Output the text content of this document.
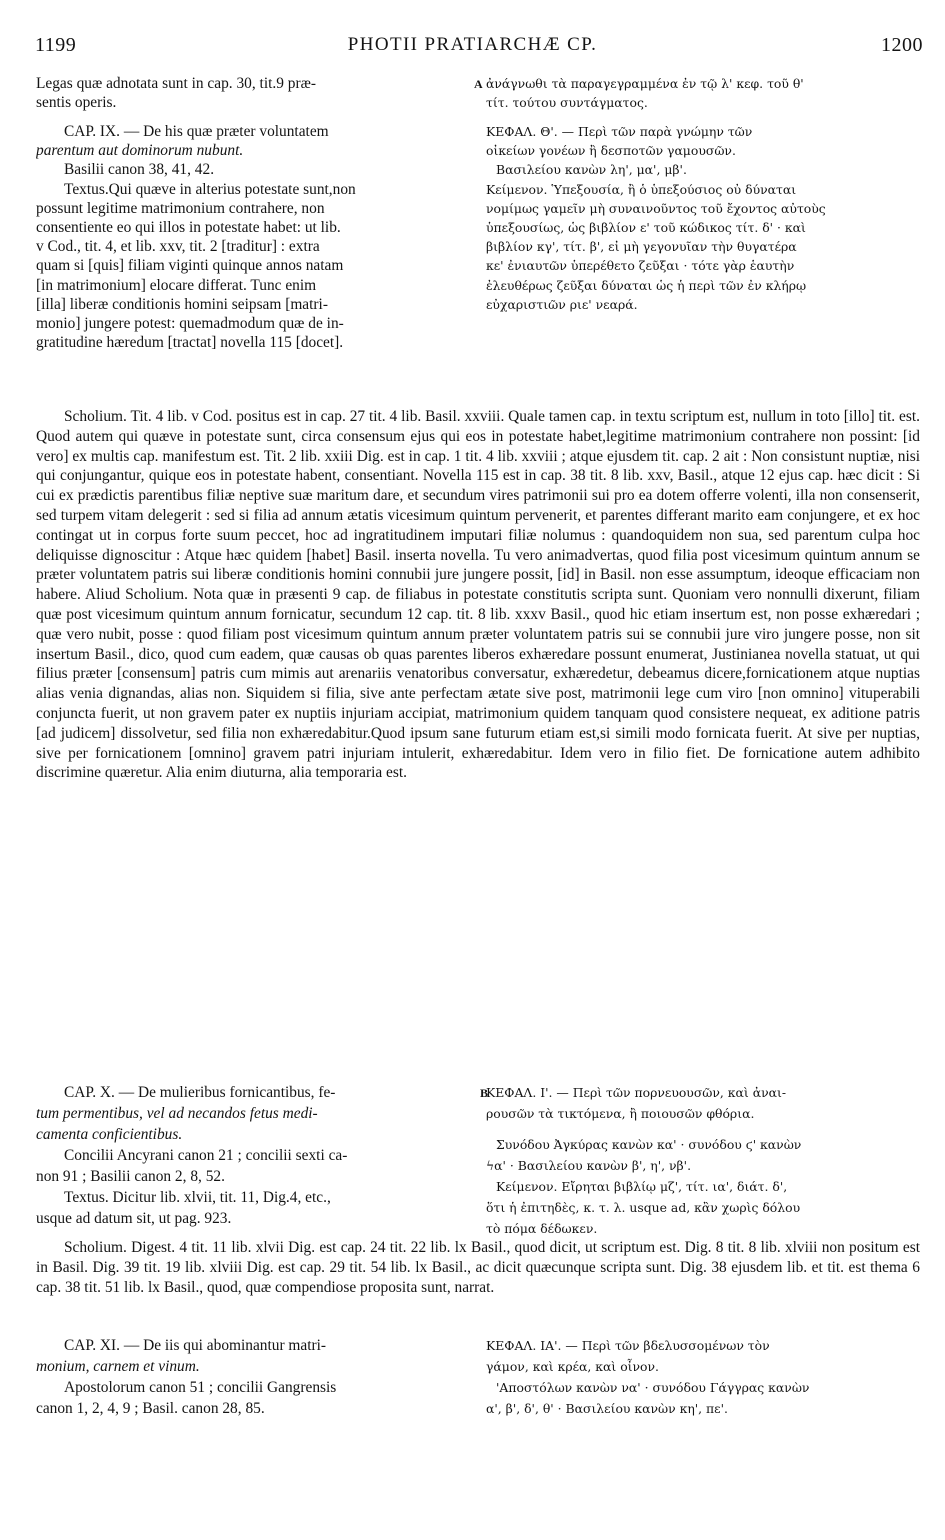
1199	PHOTII PRATIARCHÆ CP.	1200
Legas quæ adnotata sunt in cap. 30, tit.9 præ-
sentis operis.
A ἀνάγνωθι τὰ παραγεγραμμένα ἐν τῷ λ' κεφ. τοῦ θ'
τίτ. τούτου συντάγματος.
CAP. IX. — De his quæ præter voluntatem
parentum aut dominorum nubunt.
Basilii canon 38, 41, 42.
Textus.Qui quæve in alterius potestate sunt,non
possunt legitime matrimonium contrahere, non
consentiente eo qui illos in potestate habet: ut lib.
v Cod., tit. 4, et lib. xxv, tit. 2 [traditur] : extra
quam si [quis] filiam viginti quinque annos natam
[in matrimonium] elocare differat. Tunc enim
[illa] liberæ conditionis homini seipsam [matri-
monio] jungere potest: quemadmodum quæ de in-
gratitudine hæredum [tractat] novella 115 [docet].
ΚΕΦΑΛ. Θ'. — Περὶ τῶν παρὰ γνώμην τῶν
οἰκείων γονέων ἢ δεσποτῶν γαμουσῶν.
Βασιλείου κανὼν λη', μα', μβ'.
Κείμενον. Ὑπεξουσία, ἢ ὁ ὑπεξούσιος οὐ δύναται
νομίμως γαμεῖν μὴ συναινοῦντος τοῦ ἔχοντος αὐτοὺς
ὑπεξουσίως, ὡς βιβλίον ε' τοῦ κώδικος τίτ. δ' · καὶ
βιβλίον κγ', τίτ. β', εἰ μὴ γεγονυῖαν τὴν θυγατέρα
κε' ἐνιαυτῶν ὑπερέθετο ζεῦξαι · τότε γὰρ ἑαυτὴν
ἐλευθέρως ζεῦξαι δύναται ὡς ἡ περὶ τῶν ἐν κλήρῳ
εὐχαριστιῶν ριε' νεαρά.
Scholium. Tit. 4 lib. v Cod. positus est in cap. 27 tit. 4 lib. Basil. xxviii. Quale tamen cap. in textu scriptum est, nullum in toto [illo] tit. est. Quod autem qui quæve in potestate sunt, circa consensum ejus qui eos in potestate habet,legitime matrimonium contrahere non possint: [id vero] ex multis cap. manifestum est. Tit. 2 lib. xxiii Dig. est in cap. 1 tit. 4 lib. xxviii ; atque ejusdem tit. cap. 2 ait : Non consistunt nuptiæ, nisi qui conjungantur, quique eos in potestate habent, consentiant. Novella 115 est in cap. 38 tit. 8 lib. xxv, Basil., atque 12 ejus cap. hæc dicit : Si cui ex prædictis parentibus filiæ neptive suæ maritum dare, et secundum vires patrimonii sui pro ea dotem offerre volenti, illa non consenserit, sed turpem vitam delegerit : sed si filia ad annum ætatis vicesimum quintum pervenerit, et parentes differant marito eam conjungere, et ex hoc contingat ut in corpus forte suum peccet, hoc ad ingratitudinem imputari filiæ nolumus : quandoquidem non sua, sed parentum culpa hoc deliquisse dignoscitur : Atque hæc quidem [habet] Basil. inserta novella. Tu vero animadvertas, quod filia post vicesimum quintum annum se præter voluntatem patris sui liberæ conditionis homini connubii jure jungere possit, [id] in Basil. non esse assumptum, ideoque efficaciam non habere. Aliud Scholium. Nota quæ in præsenti 9 cap. de filiabus in potestate constitutis scripta sunt. Quoniam vero nonnulli dixerunt, filiam quæ post vicesimum quintum annum fornicatur, secundum 12 cap. tit. 8 lib. xxxv Basil., quod hic etiam insertum est, non posse exhæredari ; quæ vero nubit, posse : quod filiam post vicesimum quintum annum præter voluntatem patris sui se connubii jure viro jungere posse, non sit insertum Basil., dico, quod cum eadem, quæ causas ob quas parentes liberos exhæredare possunt enumerat, Justinianea novella statuat, ut qui filius præter [consensum] patris cum mimis aut arenariis venatoribus conversatur, exhæredetur, debeamus dicere,fornicationem atque nuptias alias venia dignandas, alias non. Siquidem si filia, sive ante perfectam ætate sive post, matrimonii lege cum viro [non omnino] vituperabili conjuncta fuerit, ut non gravem pater ex nuptiis injuriam accipiat, matrimonium quidem tanquam quod consistere nequeat, ex aditione patris [ad judicem] dissolvetur, sed filia non exhæredabitur.Quod ipsum sane futurum etiam est,si simili modo fornicata fuerit. At sive per nuptias, sive per fornicationem [omnino] gravem patri injuriam intulerit, exhæredabitur. Idem vero in filio fiet. De fornicatione autem adhibito discrimine quæretur. Alia enim diuturna, alia temporaria est.
B
CAP. X. — De mulieribus fornicantibus, fe-
tum permentibus, vel ad necandos fetus medi-
camenta conficientibus.
Concilii Ancyrani canon 21 ; concilii sexti ca-
non 91 ; Basilii canon 2, 8, 52.
Textus. Dicitur lib. xlvii, tit. 11, Dig.4, etc.,
usque ad datum sit, ut pag. 923.
ΚΕΦΑΛ. Ι'. — Περὶ τῶν πορνευουσῶν, καὶ ἀναι-
ρουσῶν τὰ τικτόμενα, ἢ ποιουσῶν φθόρια.
Συνόδου Ἀγκύρας κανὼν κα' · συνόδου ϛ' κανὼν
ϟα' · Βασιλείου κανὼν β', η', νβ'.
Κείμενον. Εἴρηται βιβλίῳ μζ', τίτ. ια', διάτ. δ',
ὅτι ἡ ἐπιτηδὲς, κ. τ. λ. usque ad, κἂν χωρὶς δόλου
τὸ πόμα δέδωκεν.
Scholium. Digest. 4 tit. 11 lib. xlvii Dig. est cap. 24 tit. 22 lib. lx Basil., quod dicit, ut scriptum est. Dig. 8 tit. 8 lib. xlviii non positum est in Basil. Dig. 39 tit. 19 lib. xlviii Dig. est cap. 29 tit. 54 lib. lx Basil., ac dicit quæcunque scripta sunt. Dig. 38 ejusdem lib. et tit. est thema 6 cap. 38 tit. 51 lib. lx Basil., quod, quæ compendiose proposita sunt, narrat.
CAP. XI. — De iis qui abominantur matri-
monium, carnem et vinum.
Apostolorum canon 51 ; concilii Gangrensis
canon 1, 2, 4, 9 ; Basil. canon 28, 85.
ΚΕΦΑΛ. ΙΑ'. — Περὶ τῶν βδελυσσομένων τὸν
γάμον, καὶ κρέα, καὶ οἶνον.
'Αποστόλων κανὼν να' · συνόδου Γάγγρας κανὼν
α', β', δ', θ' · Βασιλείου κανὼν κη', πε'.
